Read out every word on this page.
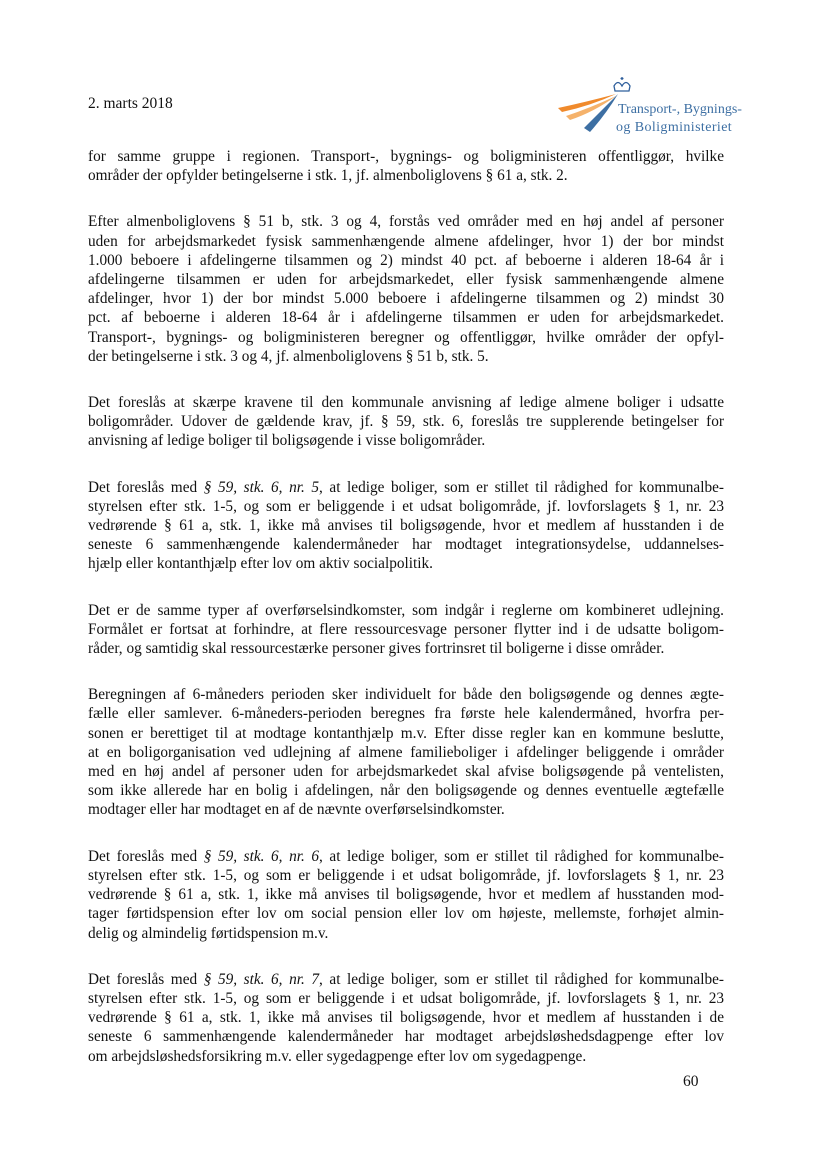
2. marts 2018	Transport-, Bygnings-
og Boligministeriet
for samme gruppe i regionen. Transport-, bygnings- og boligministeren offentliggør, hvilke
områder der opfylder betingelserne i stk. 1, jf. almenboliglovens § 61 a, stk. 2.
Efter almenboliglovens § 51 b, stk. 3 og 4, forstås ved områder med en høj andel af personer
uden for arbejdsmarkedet fysisk sammenhængende almene afdelinger, hvor 1) der bor mindst
1.000 beboere i afdelingerne tilsammen og 2) mindst 40 pct. af beboerne i alderen 18-64 år i
afdelingerne tilsammen er uden for arbejdsmarkedet, eller fysisk sammenhængende almene
afdelinger, hvor 1) der bor mindst 5.000 beboere i afdelingerne tilsammen og 2) mindst 30
pct. af beboerne i alderen 18-64 år i afdelingerne tilsammen er uden for arbejdsmarkedet.
Transport-, bygnings- og boligministeren beregner og offentliggør, hvilke områder der opfyl-
der betingelserne i stk. 3 og 4, jf. almenboliglovens § 51 b, stk. 5.
Det foreslås at skærpe kravene til den kommunale anvisning af ledige almene boliger i udsatte
boligområder. Udover de gældende krav, jf. § 59, stk. 6, foreslås tre supplerende betingelser for
anvisning af ledige boliger til boligsøgende i visse boligområder.
Det foreslås med § 59, stk. 6, nr. 5, at ledige boliger, som er stillet til rådighed for kommunalbe-
styrelsen efter stk. 1-5, og som er beliggende i et udsat boligområde, jf. lovforslagets § 1, nr. 23
vedrørende § 61 a, stk. 1, ikke må anvises til boligsøgende, hvor et medlem af husstanden i de
seneste 6 sammenhængende kalendermåneder har modtaget integrationsydelse, uddannelses-
hjælp eller kontanthjælp efter lov om aktiv socialpolitik.
Det er de samme typer af overførselsindkomster, som indgår i reglerne om kombineret udlejning.
Formålet er fortsat at forhindre, at flere ressourcesvage personer flytter ind i de udsatte boligom-
råder, og samtidig skal ressourcestærke personer gives fortrinsret til boligerne i disse områder.
Beregningen af 6-måneders perioden sker individuelt for både den boligsøgende og dennes ægte-
fælle eller samlever. 6-måneders-perioden beregnes fra første hele kalendermåned, hvorfra per-
sonen er berettiget til at modtage kontanthjælp m.v. Efter disse regler kan en kommune beslutte,
at en boligorganisation ved udlejning af almene familieboliger i afdelinger beliggende i områder
med en høj andel af personer uden for arbejdsmarkedet skal afvise boligsøgende på ventelisten,
som ikke allerede har en bolig i afdelingen, når den boligsøgende og dennes eventuelle ægtefælle
modtager eller har modtaget en af de nævnte overførselsindkomster.
Det foreslås med § 59, stk. 6, nr. 6, at ledige boliger, som er stillet til rådighed for kommunalbe-
styrelsen efter stk. 1-5, og som er beliggende i et udsat boligområde, jf. lovforslagets § 1, nr. 23
vedrørende § 61 a, stk. 1, ikke må anvises til boligsøgende, hvor et medlem af husstanden mod-
tager førtidspension efter lov om social pension eller lov om højeste, mellemste, forhøjet almin-
delig og almindelig førtidspension m.v.
Det foreslås med § 59, stk. 6, nr. 7, at ledige boliger, som er stillet til rådighed for kommunalbe-
styrelsen efter stk. 1-5, og som er beliggende i et udsat boligområde, jf. lovforslagets § 1, nr. 23
vedrørende § 61 a, stk. 1, ikke må anvises til boligsøgende, hvor et medlem af husstanden i de
seneste 6 sammenhængende kalendermåneder har modtaget arbejdsløshedsdagpenge efter lov
om arbejdsløshedsforsikring m.v. eller sygedagpenge efter lov om sygedagpenge.
60
